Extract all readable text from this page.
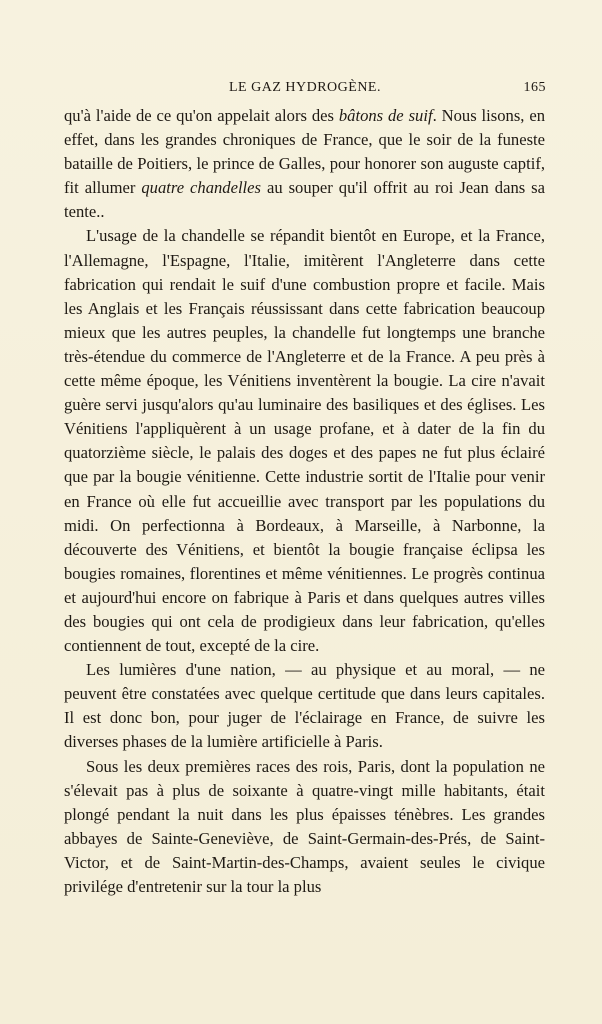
LE GAZ HYDROGÈNE.	165

qu'à l'aide de ce qu'on appelait alors des bâtons de suif. Nous lisons, en effet, dans les grandes chroniques de France, que le soir de la funeste bataille de Poitiers, le prince de Galles, pour honorer son auguste captif, fit allumer quatre chandelles au souper qu'il offrit au roi Jean dans sa tente..

L'usage de la chandelle se répandit bientôt en Europe, et la France, l'Allemagne, l'Espagne, l'Italie, imitèrent l'Angleterre dans cette fabrication qui rendait le suif d'une combustion propre et facile. Mais les Anglais et les Français réussissant dans cette fabrication beaucoup mieux que les autres peuples, la chandelle fut longtemps une branche très-étendue du commerce de l'Angleterre et de la France. A peu près à cette même époque, les Vénitiens inventèrent la bougie. La cire n'avait guère servi jusqu'alors qu'au luminaire des basiliques et des églises. Les Vénitiens l'appliquèrent à un usage profane, et à dater de la fin du quatorzième siècle, le palais des doges et des papes ne fut plus éclairé que par la bougie vénitienne. Cette industrie sortit de l'Italie pour venir en France où elle fut accueillie avec transport par les populations du midi. On perfectionna à Bordeaux, à Marseille, à Narbonne, la découverte des Vénitiens, et bientôt la bougie française éclipsa les bougies romaines, florentines et même vénitiennes. Le progrès continua et aujourd'hui encore on fabrique à Paris et dans quelques autres villes des bougies qui ont cela de prodigieux dans leur fabrication, qu'elles contiennent de tout, excepté de la cire.

Les lumières d'une nation, — au physique et au moral, — ne peuvent être constatées avec quelque certitude que dans leurs capitales. Il est donc bon, pour juger de l'éclairage en France, de suivre les diverses phases de la lumière artificielle à Paris.

Sous les deux premières races des rois, Paris, dont la population ne s'élevait pas à plus de soixante à quatre-vingt mille habitants, était plongé pendant la nuit dans les plus épaisses ténèbres. Les grandes abbayes de Sainte-Geneviève, de Saint-Germain-des-Prés, de Saint-Victor, et de Saint-Martin-des-Champs, avaient seules le civique privilége d'entretenir sur la tour la plus
